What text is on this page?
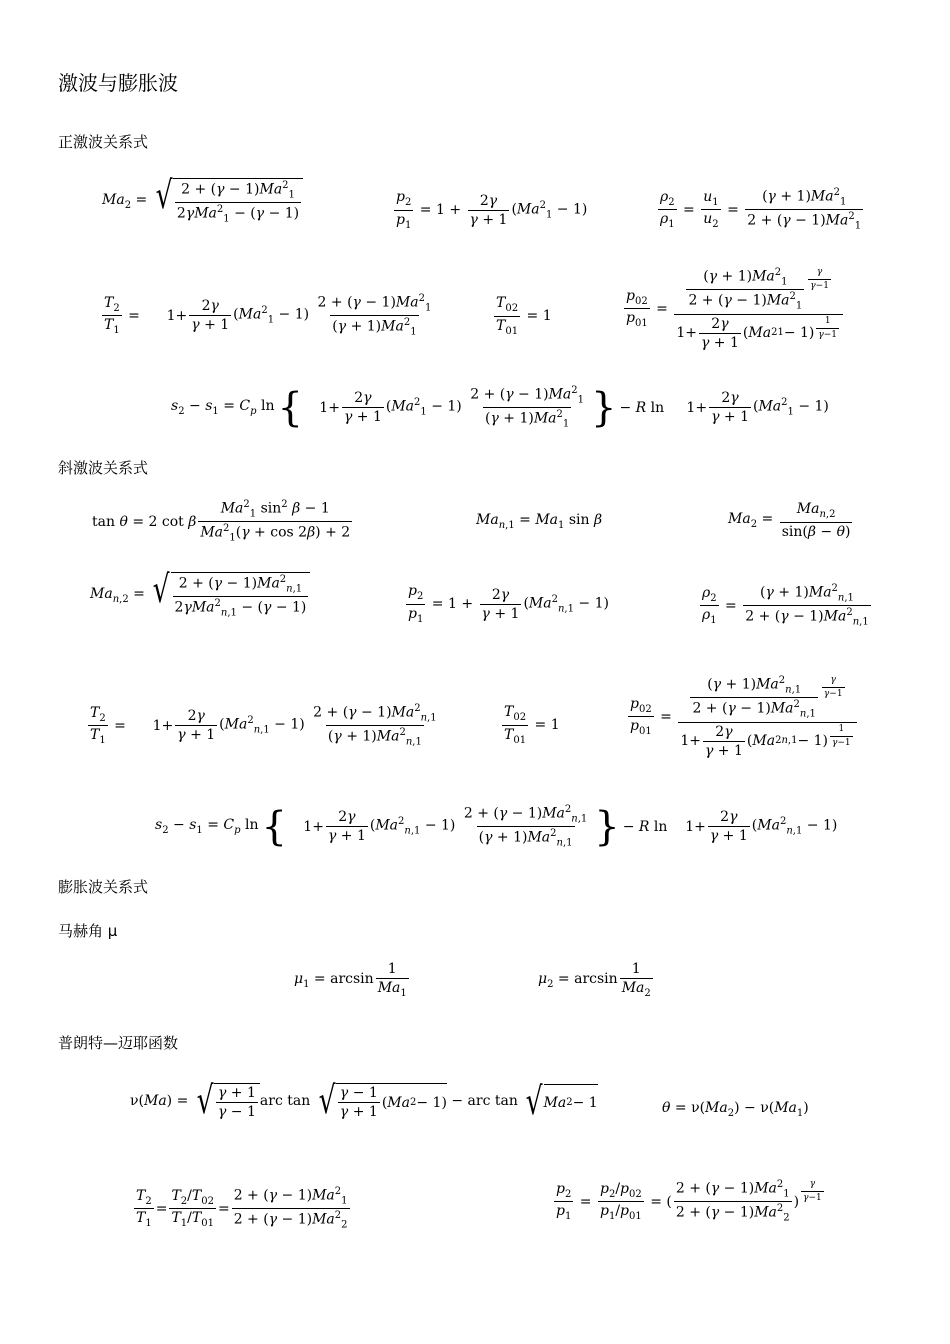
激波与膨胀波
正激波关系式
$Ma_2$ = √ $\frac{2 + (\gamma - 1)Ma^2_1}{2\gamma Ma^2_1 - (\gamma - 1)}$	$\frac{p_2}{p_1} = 1 + \frac{2\gamma}{\gamma + 1} (Ma^2_1 - 1)$	$\frac{\rho_2}{\rho_1} = \frac{u_1}{u_2} = \frac{(\gamma + 1)Ma^2_1}{2 + (\gamma - 1)Ma^2_1}$
$\frac{T_2}{T_1}$ =      $1+ \frac{2\gamma}{\gamma + 1} (Ma^2_1 - 1) \frac{2 + (\gamma - 1)Ma^2_1}{(\gamma + 1)Ma^2_1}$	$\frac{T_{02}}{T_{01}} = 1$	$\frac{p_{02}}{p_{01}} = \frac{(\gamma + 1)Ma^2_1}{2 + (\gamma - 1)Ma^2_1} ^{\frac{\gamma}{\gamma-1}}$
$1+ \frac{2\gamma}{\gamma + 1}$ ( Ma 2 1 − 1) $^{\frac{1}{\gamma-1}}$
$s_2 - s_1 = C_p$ ln { $1+ \frac{2\gamma}{\gamma + 1} (Ma^2_1 - 1) \frac{2 + (\gamma - 1)Ma^2_1}{(\gamma + 1)Ma^2_1}$ } − R ln     $1+ \frac{2\gamma}{\gamma + 1} (Ma^2_1 - 1)$
斜激波关系式
tan θ = 2 cot β $\frac{Ma^2_1 \sin^2 \beta - 1}{Ma^2_1(\gamma + \cos 2\beta) + 2}$	$Ma_{n,1} = Ma_1$ sin β	$Ma_2 = \frac{Ma_{n,2}}{\sin(\beta - \theta)}$
$Ma_{n,2}$ = √ $\frac{2 + (\gamma - 1)Ma^2_{n,1}}{2\gamma Ma^2_{n,1} - (\gamma - 1)}$	$\frac{p_2}{p_1} = 1 + \frac{2\gamma}{\gamma + 1} (Ma^2_{n,1} - 1)$	$\frac{\rho_2}{\rho_1} = \frac{(\gamma + 1)Ma^2_{n,1}}{2 + (\gamma - 1)Ma^2_{n,1}}$
$\frac{T_2}{T_1}$ =      $1+ \frac{2\gamma}{\gamma + 1} (Ma^2_{n,1} - 1) \frac{2 + (\gamma - 1)Ma^2_{n,1}}{(\gamma + 1)Ma^2_{n,1}}$	$\frac{T_{02}}{T_{01}} = 1$	$\frac{p_{02}}{p_{01}} = \frac{(\gamma + 1)Ma^2_{n,1}}{2 + (\gamma - 1)Ma^2_{n,1}} ^{\frac{\gamma}{\gamma-1}}$
$1+ \frac{2\gamma}{\gamma + 1}$ ( Ma 2 n,1 − 1) $^{\frac{1}{\gamma-1}}$
$s_2 - s_1 = C_p$ ln { $1+ \frac{2\gamma}{\gamma + 1} (Ma^2_{n,1} - 1) \frac{2 + (\gamma - 1)Ma^2_{n,1}}{(\gamma + 1)Ma^2_{n,1}}$ } − R ln    $1+ \frac{2\gamma}{\gamma + 1} (Ma^2_{n,1} - 1)$
膨胀波关系式
马赫角 μ
$\mu_1 = \arcsin \frac{1}{Ma_1}$	$\mu_2 = \arcsin \frac{1}{Ma_2}$
普朗特—迈耶函数
ν(Ma) = √ $\frac{\gamma + 1}{\gamma - 1}$ arc tan √ $\frac{\gamma - 1}{\gamma + 1}$ ( Ma 2 − 1) − arc tan √ Ma 2 − 1	$\theta = \nu(Ma_2) - \nu(Ma_1)$
$\frac{T_2}{T_1} = \frac{T_2/T_{02}}{T_1/T_{01}} = \frac{2 + (\gamma - 1)Ma^2_1}{2 + (\gamma - 1)Ma^2_2}$	$\frac{p_2}{p_1} = \frac{p_2/p_{02}}{p_1/p_{01}}$ = ( $\frac{2 + (\gamma - 1)Ma^2_1}{2 + (\gamma - 1)Ma^2_2}$ ) $^{\frac{\gamma}{\gamma-1}}$
